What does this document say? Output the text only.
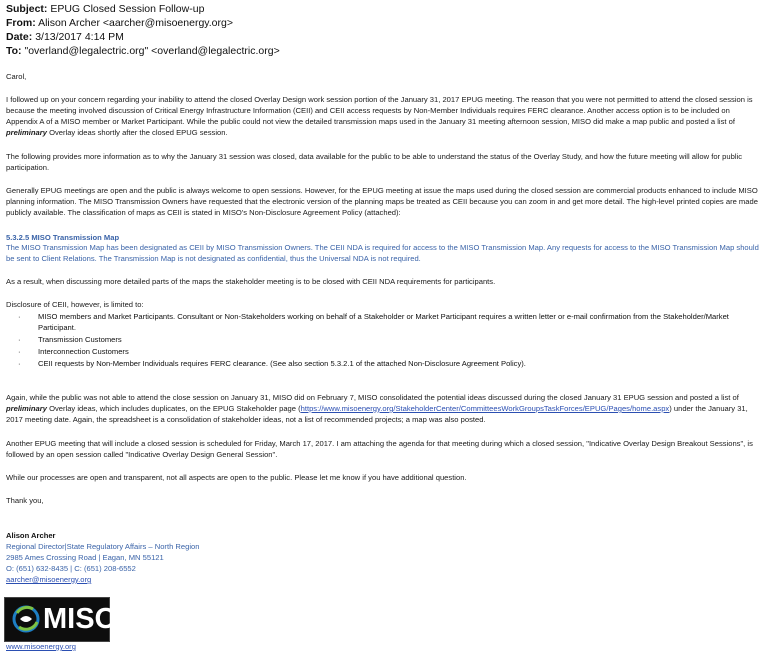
Subject: EPUG Closed Session Follow-up
From: Alison Archer <aarcher@misoenergy.org>
Date: 3/13/2017 4:14 PM
To: "overland@legalectric.org" <overland@legalectric.org>
Carol,
I followed up on your concern regarding your inability to attend the closed Overlay Design work session portion of the January 31, 2017 EPUG meeting. The reason that you were not permitted to attend the closed session is because the meeting involved discussion of Critical Energy Infrastructure Information (CEII) and CEII access requests by Non-Member Individuals requires FERC clearance. Another access option is to be included on Appendix A of a MISO member or Market Participant. While the public could not view the detailed transmission maps used in the January 31 meeting afternoon session, MISO did make a map public and posted a list of preliminary Overlay ideas shortly after the closed EPUG session.
The following provides more information as to why the January 31 session was closed, data available for the public to be able to understand the status of the Overlay Study, and how the future meeting will allow for public participation.
Generally EPUG meetings are open and the public is always welcome to open sessions. However, for the EPUG meeting at issue the maps used during the closed session are commercial products enhanced to include MISO planning information. The MISO Transmission Owners have requested that the electronic version of the planning maps be treated as CEII because you can zoom in and get more detail. The high-level printed copies are made publicly available. The classification of maps as CEII is stated in MISO's Non-Disclosure Agreement Policy (attached):
5.3.2.5 MISO Transmission Map
The MISO Transmission Map has been designated as CEII by MISO Transmission Owners. The CEII NDA is required for access to the MISO Transmission Map. Any requests for access to the MISO Transmission Map should be sent to Client Relations. The Transmission Map is not designated as confidential, thus the Universal NDA is not required.
As a result, when discussing more detailed parts of the maps the stakeholder meeting is to be closed with CEII NDA requirements for participants.
Disclosure of CEII, however, is limited to:
· MISO members and Market Participants. Consultant or Non-Stakeholders working on behalf of a Stakeholder or Market Participant requires a written letter or e-mail confirmation from the Stakeholder/Market Participant.
· Transmission Customers
· Interconnection Customers
· CEII requests by Non-Member Individuals requires FERC clearance. (See also section 5.3.2.1 of the attached Non-Disclosure Agreement Policy).
Again, while the public was not able to attend the close session on January 31, MISO did on February 7, MISO consolidated the potential ideas discussed during the closed January 31 EPUG session and posted a list of preliminary Overlay ideas, which includes duplicates, on the EPUG Stakeholder page (https://www.misoenergy.org/StakeholderCenter/CommitteesWorkGroupsTaskForces/EPUG/Pages/home.aspx) under the January 31, 2017 meeting date. Again, the spreadsheet is a consolidation of stakeholder ideas, not a list of recommended projects; a map was also posted.
Another EPUG meeting that will include a closed session is scheduled for Friday, March 17, 2017. I am attaching the agenda for that meeting during which a closed session, "Indicative Overlay Design Breakout Sessions", is followed by an open session called "Indicative Overlay Design General Session".
While our processes are open and transparent, not all aspects are open to the public. Please let me know if you have additional question.
Thank you,
Alison Archer
Regional Director|State Regulatory Affairs – North Region
2985 Ames Crossing Road | Eagan, MN 55121
O: (651) 632-8435 | C: (651) 208-6552
aarcher@misoenergy.org
MISO
www.misoenergy.org
